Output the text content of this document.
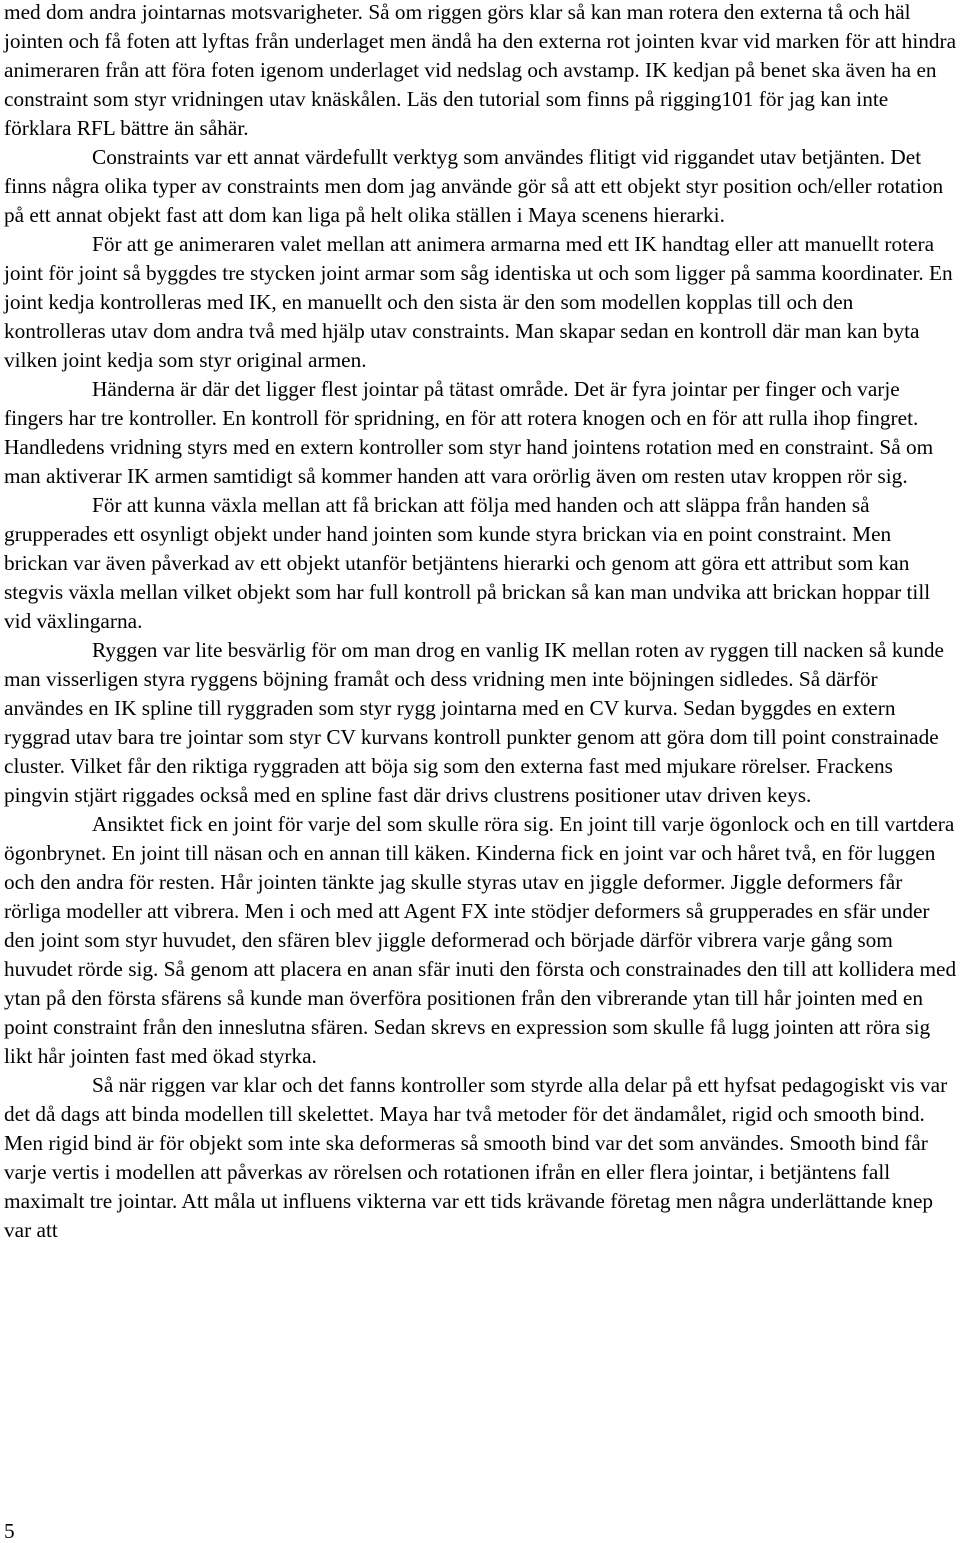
med dom andra jointarnas motsvarigheter. Så om riggen görs klar så kan man rotera den externa tå och häl jointen och få foten att lyftas från underlaget men ändå ha den externa rot jointen kvar vid marken för att hindra animeraren från att föra foten igenom underlaget vid nedslag och avstamp. IK kedjan på benet ska även ha en constraint som styr vridningen utav knäskålen. Läs den tutorial som finns på rigging101 för jag kan inte förklara RFL bättre än såhär.

Constraints var ett annat värdefullt verktyg som användes flitigt vid riggandet utav betjänten. Det finns några olika typer av constraints men dom jag använde gör så att ett objekt styr position och/eller rotation på ett annat objekt fast att dom kan liga på helt olika ställen i Maya scenens hierarki.

För att ge animeraren valet mellan att animera armarna med ett IK handtag eller att manuellt rotera joint för joint så byggdes tre stycken joint armar som såg identiska ut och som ligger på samma koordinater. En joint kedja kontrolleras med IK, en manuellt och den sista är den som modellen kopplas till och den kontrolleras utav dom andra två med hjälp utav constraints. Man skapar sedan en kontroll där man kan byta vilken joint kedja som styr original armen.

Händerna är där det ligger flest jointar på tätast område. Det är fyra jointar per finger och varje fingers har tre kontroller. En kontroll för spridning, en för att rotera knogen och en för att rulla ihop fingret. Handledens vridning styrs med en extern kontroller som styr hand jointens rotation med en constraint. Så om man aktiverar IK armen samtidigt så kommer handen att vara orörlig även om resten utav kroppen rör sig.

För att kunna växla mellan att få brickan att följa med handen och att släppa från handen så grupperades ett osynligt objekt under hand jointen som kunde styra brickan via en point constraint. Men brickan var även påverkad av ett objekt utanför betjäntens hierarki och genom att göra ett attribut som kan stegvis växla mellan vilket objekt som har full kontroll på brickan så kan man undvika att brickan hoppar till vid växlingarna.

Ryggen var lite besvärlig för om man drog en vanlig IK mellan roten av ryggen till nacken så kunde man visserligen styra ryggens böjning framåt och dess vridning men inte böjningen sidledes. Så därför användes en IK spline till ryggraden som styr rygg jointarna med en CV kurva. Sedan byggdes en extern ryggrad utav bara tre jointar som styr CV kurvans kontroll punkter genom att göra dom till point constrainade cluster. Vilket får den riktiga ryggraden att böja sig som den externa fast med mjukare rörelser. Frackens pingvin stjärt riggades också med en spline fast där drivs clustrens positioner utav driven keys.

Ansiktet fick en joint för varje del som skulle röra sig. En joint till varje ögonlock och en till vartdera ögonbrynet. En joint till näsan och en annan till käken. Kinderna fick en joint var och håret två, en för luggen och den andra för resten. Hår jointen tänkte jag skulle styras utav en jiggle deformer. Jiggle deformers får rörliga modeller att vibrera. Men i och med att Agent FX inte stödjer deformers så grupperades en sfär under den joint som styr huvudet, den sfären blev jiggle deformerad och började därför vibrera varje gång som huvudet rörde sig. Så genom att placera en anan sfär inuti den första och constrainades den till att kollidera med ytan på den första sfärens så kunde man överföra positionen från den vibrerande ytan till hår jointen med en point constraint från den inneslutna sfären. Sedan skrevs en expression som skulle få lugg jointen att röra sig likt hår jointen fast med ökad styrka.

Så när riggen var klar och det fanns kontroller som styrde alla delar på ett hyfsat pedagogiskt vis var det då dags att binda modellen till skelettet. Maya har två metoder för det ändamålet, rigid och smooth bind. Men rigid bind är för objekt som inte ska deformeras så smooth bind var det som användes. Smooth bind får varje vertis i modellen att påverkas av rörelsen och rotationen ifrån en eller flera jointar, i betjäntens fall maximalt tre jointar. Att måla ut influens vikterna var ett tids krävande företag men några underlättande knep var att

5
